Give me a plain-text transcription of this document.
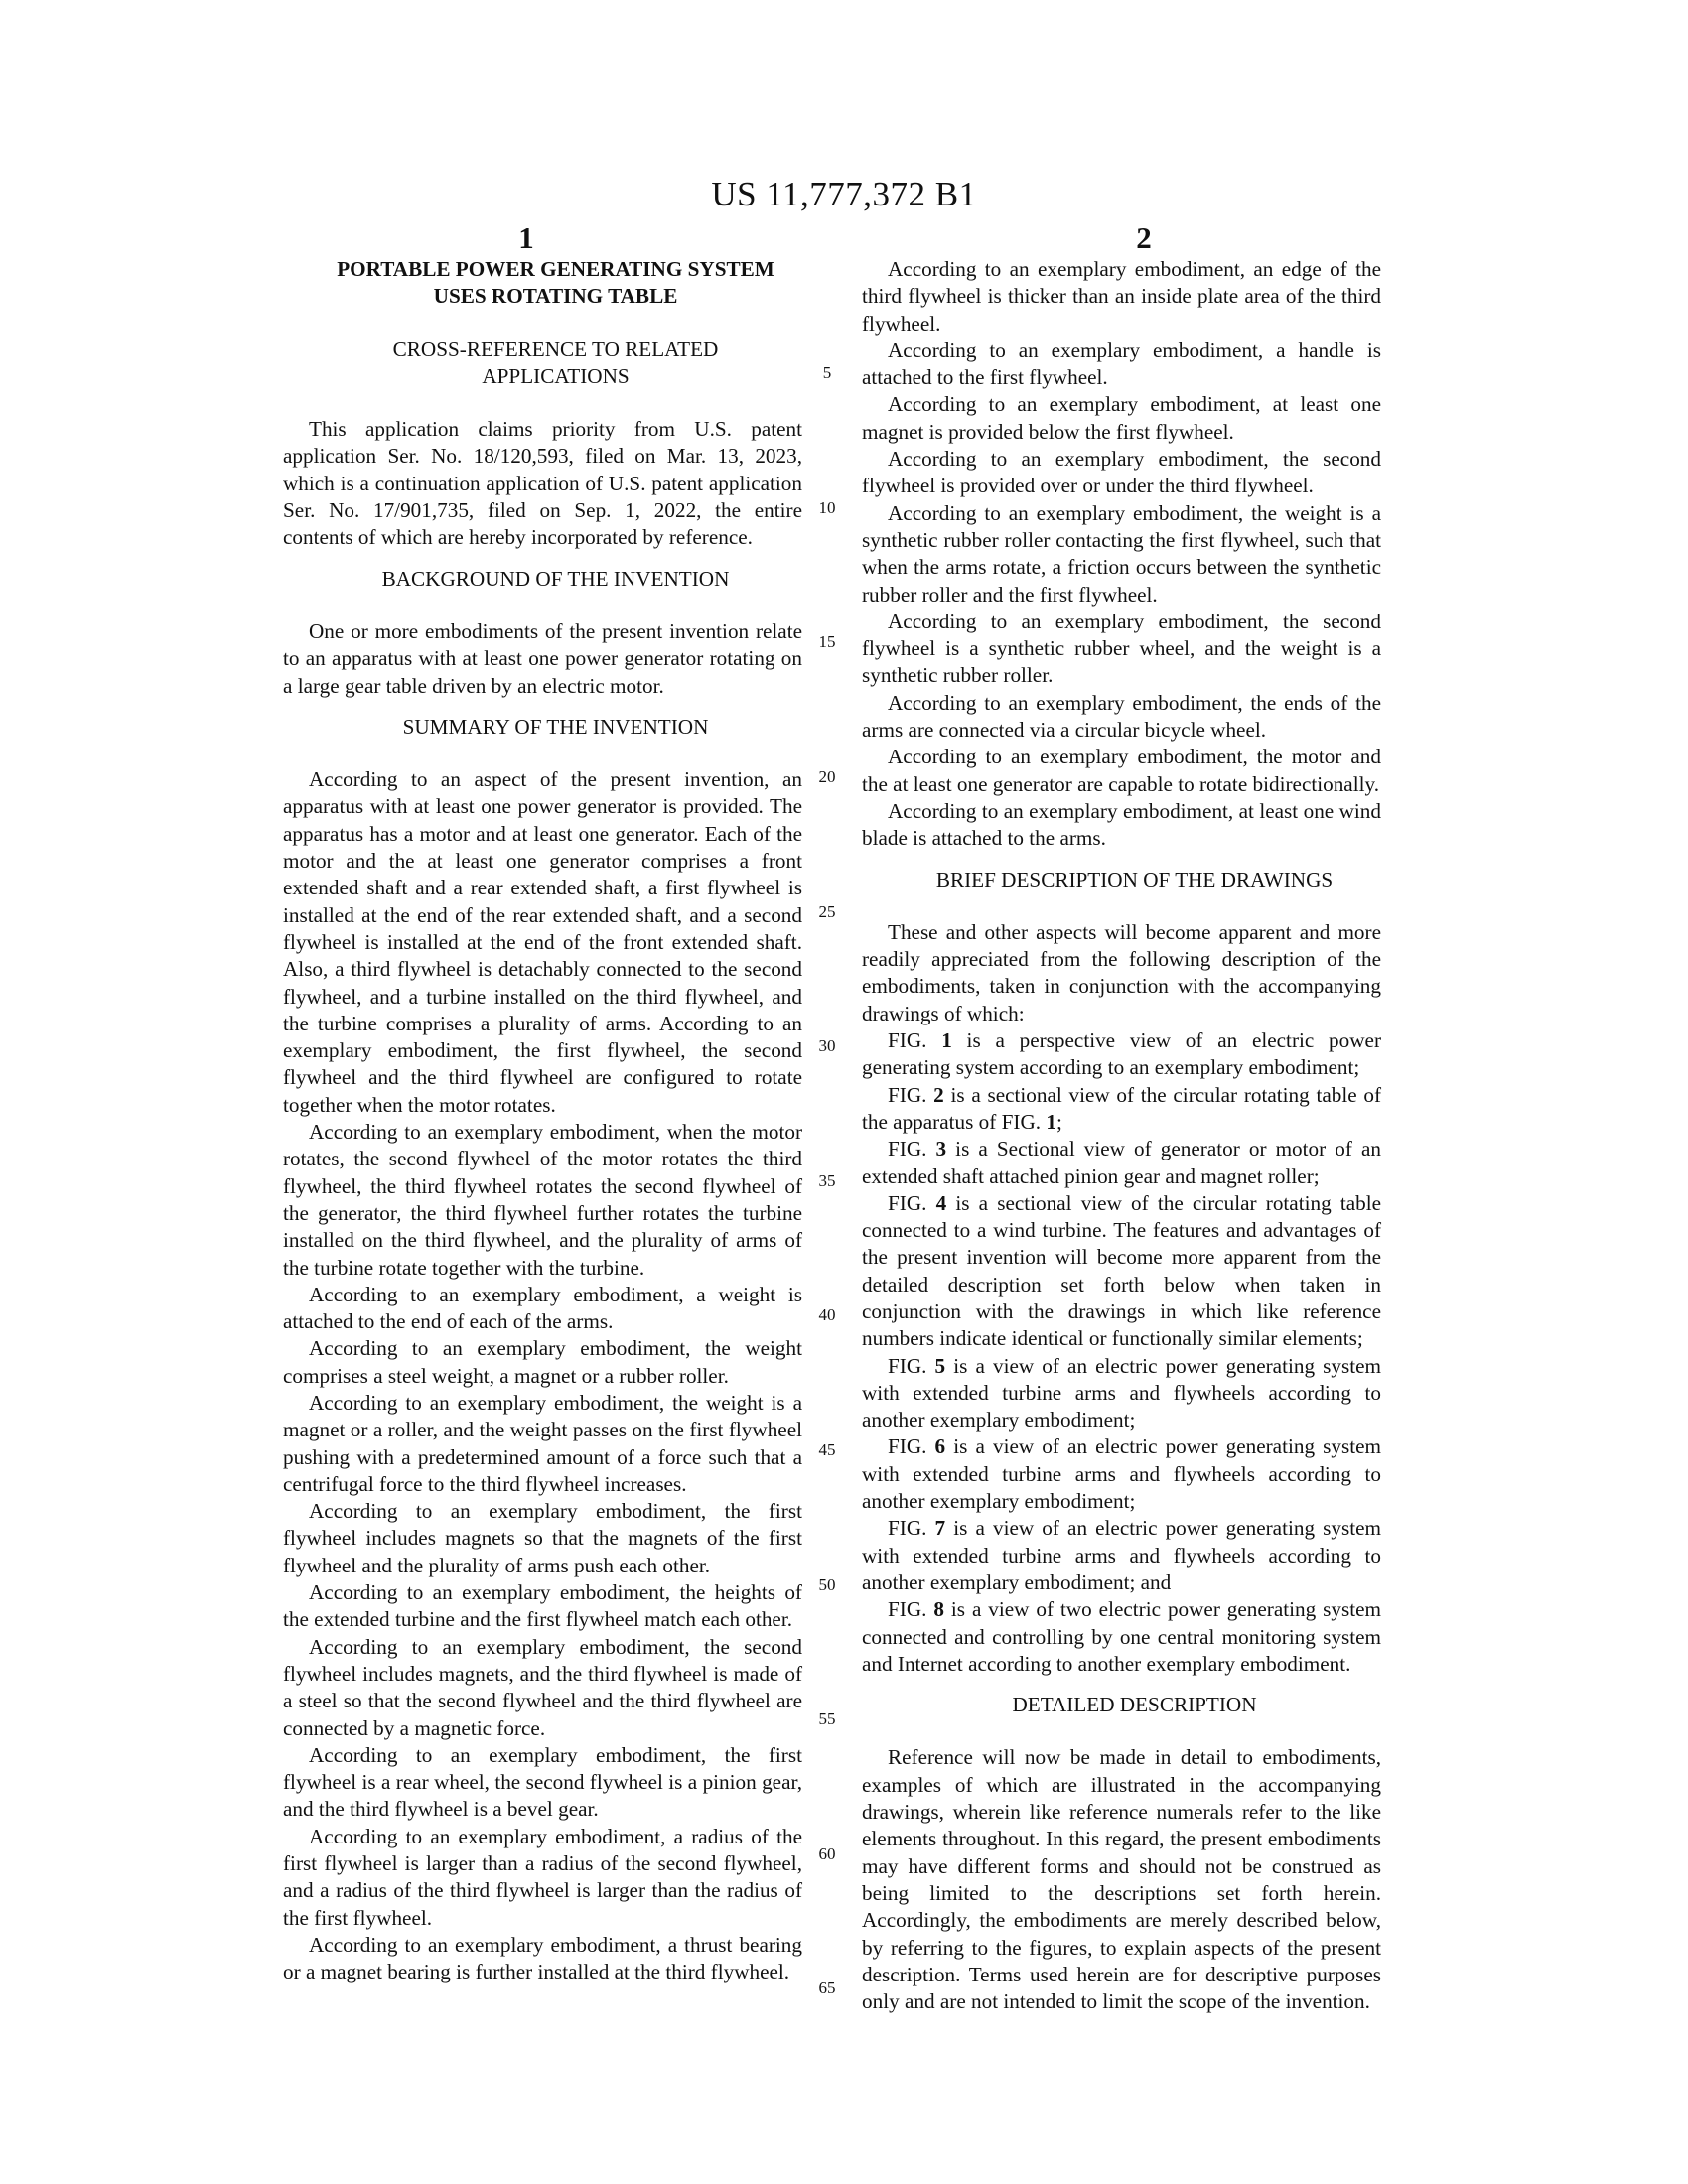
US 11,777,372 B1
1	2

PORTABLE POWER GENERATING SYSTEM

USES ROTATING TABLE

CROSS-REFERENCE TO RELATED

APPLICATIONS

This application claims priority from U.S. patent application Ser. No. 18/120,593, filed on Mar. 13, 2023, which is a continuation application of U.S. patent application Ser. No. 17/901,735, filed on Sep. 1, 2022, the entire contents of which are hereby incorporated by reference.

BACKGROUND OF THE INVENTION

One or more embodiments of the present invention relate to an apparatus with at least one power generator rotating on a large gear table driven by an electric motor.

SUMMARY OF THE INVENTION

According to an aspect of the present invention, an apparatus with at least one power generator is provided. The apparatus has a motor and at least one generator. Each of the motor and the at least one generator comprises a front extended shaft and a rear extended shaft, a first flywheel is installed at the end of the rear extended shaft, and a second flywheel is installed at the end of the front extended shaft. Also, a third flywheel is detachably connected to the second flywheel, and a turbine installed on the third flywheel, and the turbine comprises a plurality of arms. According to an exemplary embodiment, the first flywheel, the second flywheel and the third flywheel are configured to rotate together when the motor rotates.

According to an exemplary embodiment, when the motor rotates, the second flywheel of the motor rotates the third flywheel, the third flywheel rotates the second flywheel of the generator, the third flywheel further rotates the turbine installed on the third flywheel, and the plurality of arms of the turbine rotate together with the turbine.

According to an exemplary embodiment, a weight is attached to the end of each of the arms.

According to an exemplary embodiment, the weight comprises a steel weight, a magnet or a rubber roller.

According to an exemplary embodiment, the weight is a magnet or a roller, and the weight passes on the first flywheel pushing with a predetermined amount of a force such that a centrifugal force to the third flywheel increases.

According to an exemplary embodiment, the first flywheel includes magnets so that the magnets of the first flywheel and the plurality of arms push each other.

According to an exemplary embodiment, the heights of the extended turbine and the first flywheel match each other.

According to an exemplary embodiment, the second flywheel includes magnets, and the third flywheel is made of a steel so that the second flywheel and the third flywheel are connected by a magnetic force.

According to an exemplary embodiment, the first flywheel is a rear wheel, the second flywheel is a pinion gear, and the third flywheel is a bevel gear.

According to an exemplary embodiment, a radius of the first flywheel is larger than a radius of the second flywheel, and a radius of the third flywheel is larger than the radius of the first flywheel.

According to an exemplary embodiment, a thrust bearing or a magnet bearing is further installed at the third flywheel.

5
10
15
20
25
30
35
40
45
50
55
60
65

According to an exemplary embodiment, an edge of the third flywheel is thicker than an inside plate area of the third flywheel.

According to an exemplary embodiment, a handle is attached to the first flywheel.

According to an exemplary embodiment, at least one magnet is provided below the first flywheel.

According to an exemplary embodiment, the second flywheel is provided over or under the third flywheel.

According to an exemplary embodiment, the weight is a synthetic rubber roller contacting the first flywheel, such that when the arms rotate, a friction occurs between the synthetic rubber roller and the first flywheel.

According to an exemplary embodiment, the second flywheel is a synthetic rubber wheel, and the weight is a synthetic rubber roller.

According to an exemplary embodiment, the ends of the arms are connected via a circular bicycle wheel.

According to an exemplary embodiment, the motor and the at least one generator are capable to rotate bidirectionally.

According to an exemplary embodiment, at least one wind blade is attached to the arms.

BRIEF DESCRIPTION OF THE DRAWINGS

These and other aspects will become apparent and more readily appreciated from the following description of the embodiments, taken in conjunction with the accompanying drawings of which:

FIG. 1 is a perspective view of an electric power generating system according to an exemplary embodiment;

FIG. 2 is a sectional view of the circular rotating table of the apparatus of FIG. 1;

FIG. 3 is a Sectional view of generator or motor of an extended shaft attached pinion gear and magnet roller;

FIG. 4 is a sectional view of the circular rotating table connected to a wind turbine. The features and advantages of the present invention will become more apparent from the detailed description set forth below when taken in conjunction with the drawings in which like reference numbers indicate identical or functionally similar elements;

FIG. 5 is a view of an electric power generating system with extended turbine arms and flywheels according to another exemplary embodiment;

FIG. 6 is a view of an electric power generating system with extended turbine arms and flywheels according to another exemplary embodiment;

FIG. 7 is a view of an electric power generating system with extended turbine arms and flywheels according to another exemplary embodiment; and

FIG. 8 is a view of two electric power generating system connected and controlling by one central monitoring system and Internet according to another exemplary embodiment.

DETAILED DESCRIPTION

Reference will now be made in detail to embodiments, examples of which are illustrated in the accompanying drawings, wherein like reference numerals refer to the like elements throughout. In this regard, the present embodiments may have different forms and should not be construed as being limited to the descriptions set forth herein. Accordingly, the embodiments are merely described below, by referring to the figures, to explain aspects of the present description. Terms used herein are for descriptive purposes only and are not intended to limit the scope of the invention.
